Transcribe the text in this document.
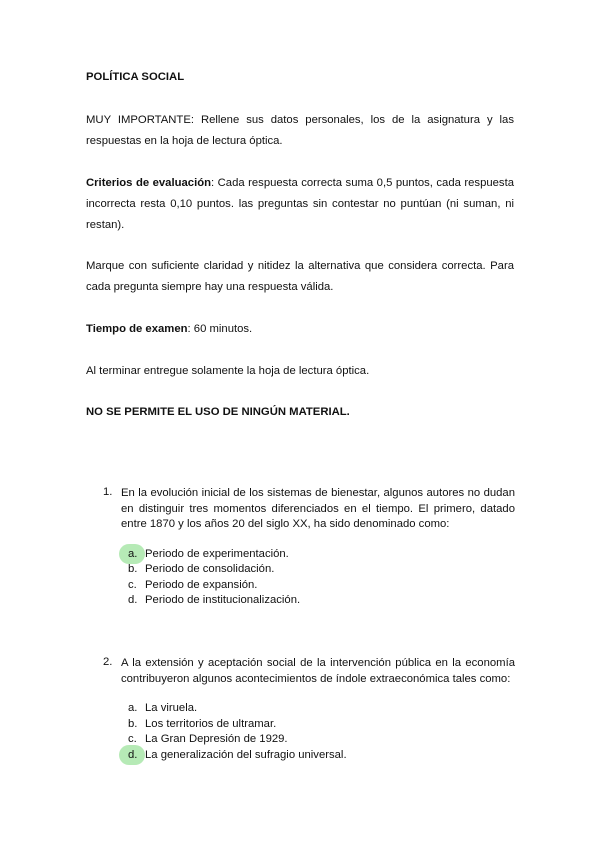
POLÍTICA SOCIAL
MUY IMPORTANTE: Rellene sus datos personales, los de la asignatura y las respuestas en la hoja de lectura óptica.
Criterios de evaluación: Cada respuesta correcta suma 0,5 puntos, cada respuesta incorrecta resta 0,10 puntos. las preguntas sin contestar no puntúan (ni suman, ni restan).
Marque con suficiente claridad y nitidez la alternativa que considera correcta. Para cada pregunta siempre hay una respuesta válida.
Tiempo de examen: 60 minutos.
Al terminar entregue solamente la hoja de lectura óptica.
NO SE PERMITE EL USO DE NINGÚN MATERIAL.
1. En la evolución inicial de los sistemas de bienestar, algunos autores no dudan en distinguir tres momentos diferenciados en el tiempo. El primero, datado entre 1870 y los años 20 del siglo XX, ha sido denominado como:
a. Periodo de experimentación.
b. Periodo de consolidación.
c. Periodo de expansión.
d. Periodo de institucionalización.
2. A la extensión y aceptación social de la intervención pública en la economía contribuyeron algunos acontecimientos de índole extraeconómica tales como:
a. La viruela.
b. Los territorios de ultramar.
c. La Gran Depresión de 1929.
d. La generalización del sufragio universal.
